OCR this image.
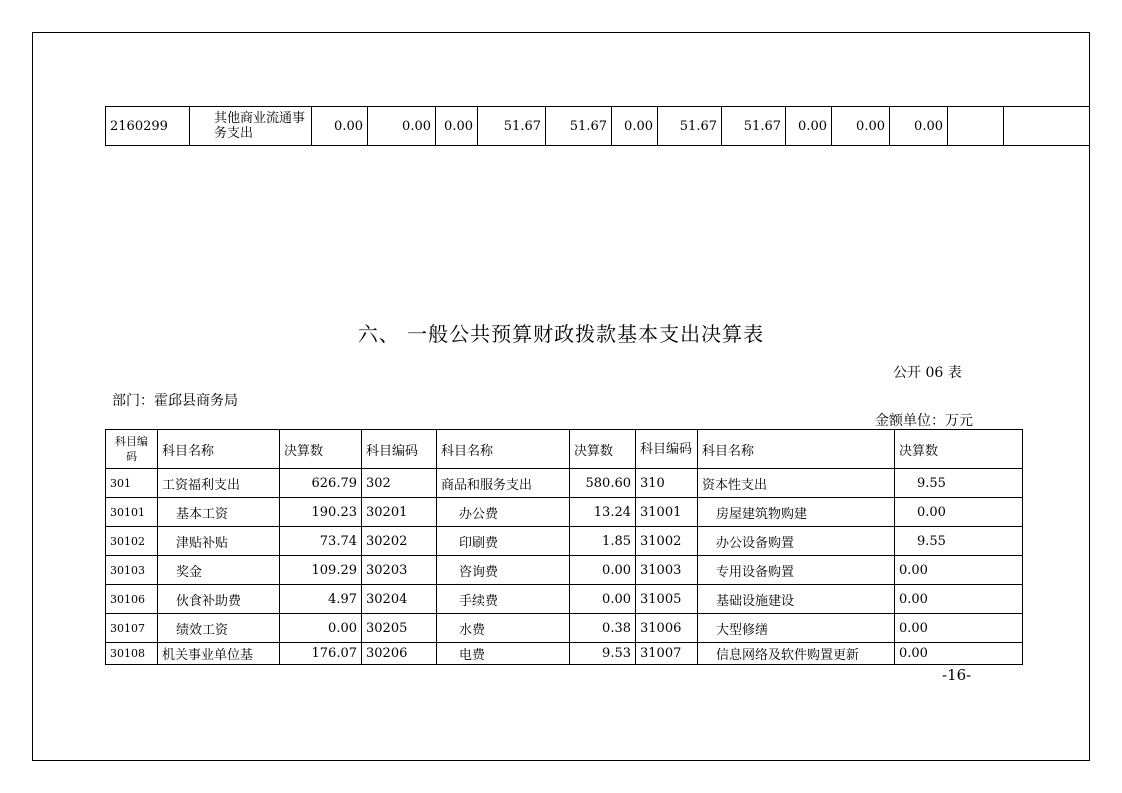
2160299	其他商业流通事务支出	0.00	0.00	0.00	51.67	51.67	0.00	51.67	51.67	0.00	0.00	0.00		
六、 一般公共预算财政拨款基本支出决算表
公开 06 表
部门：霍邱县商务局
金额单位：万元
科目编码	科目名称	决算数	科目编码	科目名称	决算数	科目编码	科目名称	决算数
301	工资福利支出	626.79	302	商品和服务支出	580.60	310	资本性支出	9.55
30101	基本工资	190.23	30201	办公费	13.24	31001	房屋建筑物购建	0.00
30102	津贴补贴	73.74	30202	印刷费	1.85	31002	办公设备购置	9.55
30103	奖金	109.29	30203	咨询费	0.00	31003	专用设备购置	0.00
30106	伙食补助费	4.97	30204	手续费	0.00	31005	基础设施建设	0.00
30107	绩效工资	0.00	30205	水费	0.38	31006	大型修缮	0.00
30108	机关事业单位基	176.07	30206	电费	9.53	31007	信息网络及软件购置更新	0.00
-16-
